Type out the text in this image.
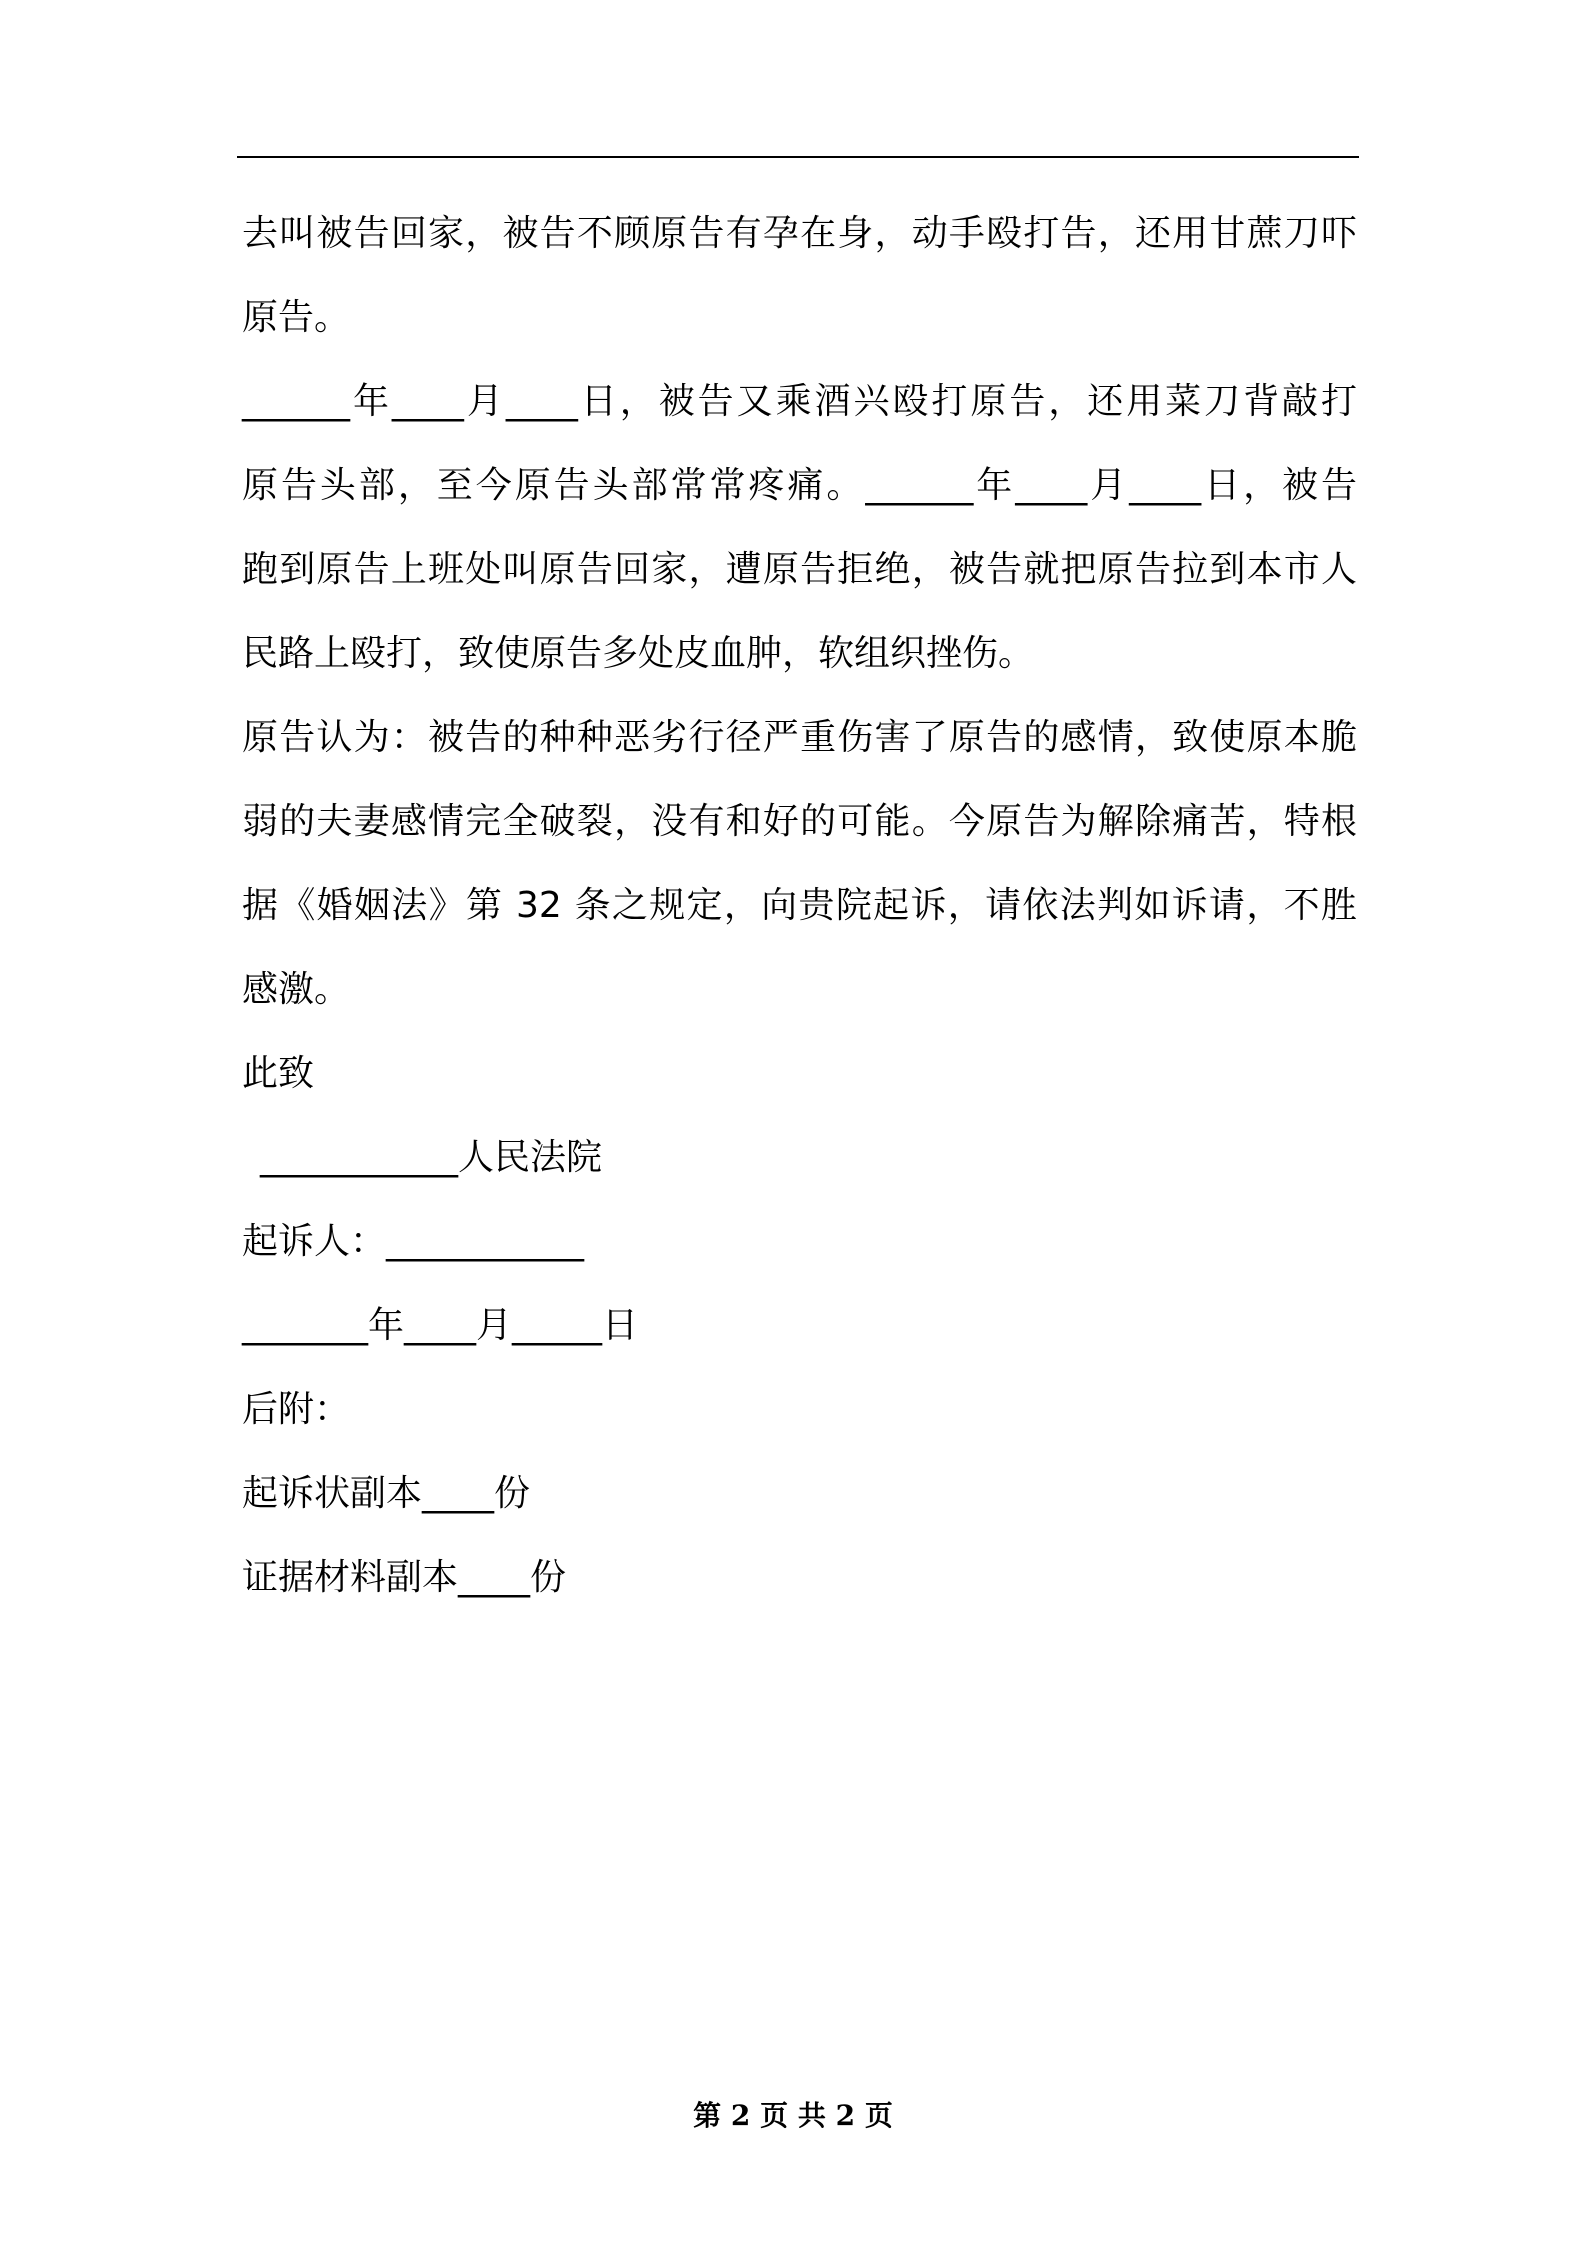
去叫被告回家，被告不顾原告有孕在身，动手殴打告，还用甘蔗刀吓
原告。
______年____月____日，被告又乘酒兴殴打原告，还用菜刀背敲打
原告头部，至今原告头部常常疼痛。______年____月____日，被告
跑到原告上班处叫原告回家，遭原告拒绝，被告就把原告拉到本市人
民路上殴打，致使原告多处皮血肿，软组织挫伤。
原告认为：被告的种种恶劣行径严重伤害了原告的感情，致使原本脆
弱的夫妻感情完全破裂，没有和好的可能。今原告为解除痛苦，特根
据《婚姻法》第 32 条之规定，向贵院起诉，请依法判如诉请，不胜
感激。
此致
___________人民法院
起诉人：___________
_______年____月_____日
后附：
起诉状副本____份
证据材料副本____份
第 2 页 共 2 页
